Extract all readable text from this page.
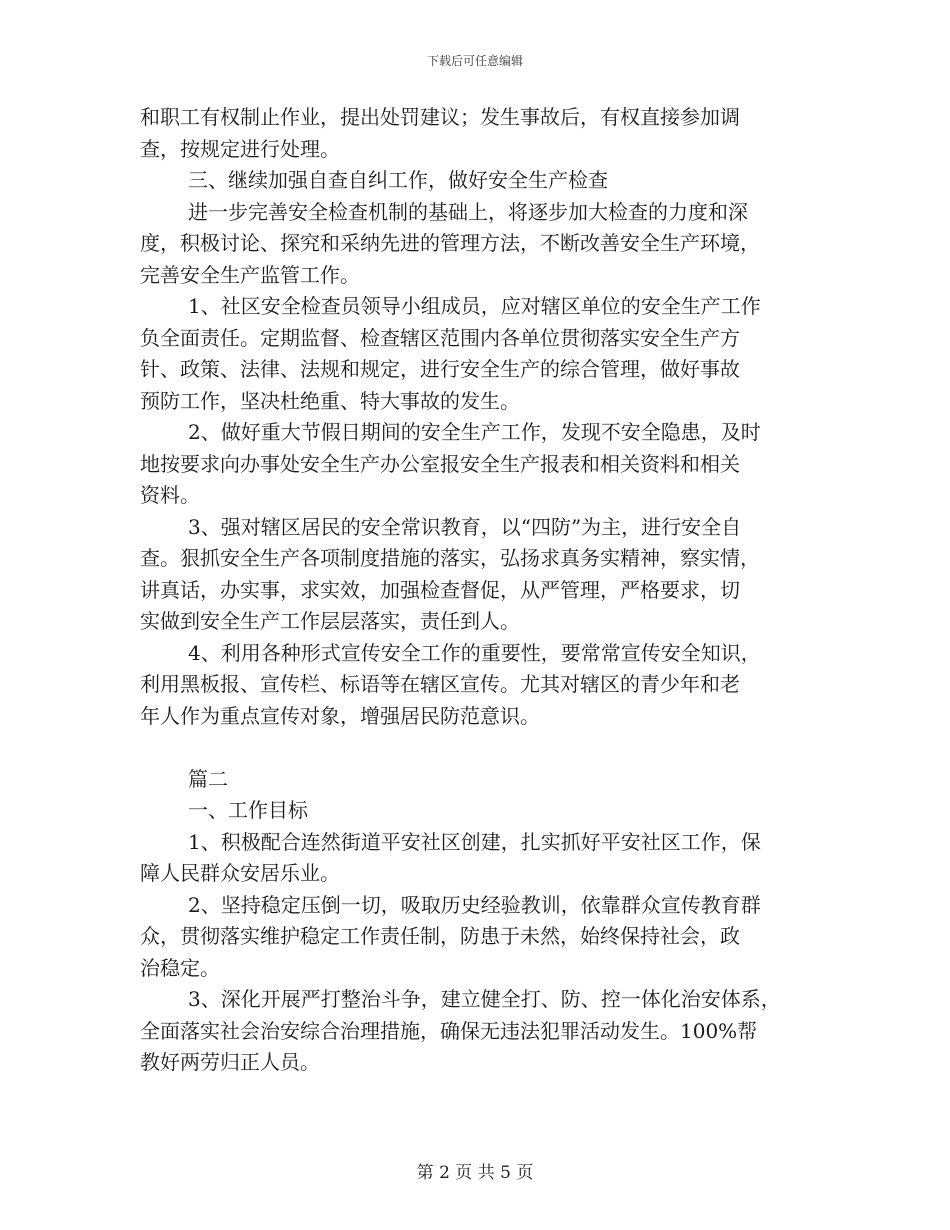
下载后可任意编辑
和职工有权制止作业，提出处罚建议；发生事故后，有权直接参加调
查，按规定进行处理。
三、继续加强自查自纠工作，做好安全生产检查
进一步完善安全检查机制的基础上，将逐步加大检查的力度和深
度，积极讨论、探究和采纳先进的管理方法，不断改善安全生产环境，
完善安全生产监管工作。
1、社区安全检查员领导小组成员，应对辖区单位的安全生产工作
负全面责任。定期监督、检查辖区范围内各单位贯彻落实安全生产方
针、政策、法律、法规和规定，进行安全生产的综合管理，做好事故
预防工作，坚决杜绝重、特大事故的发生。
2、做好重大节假日期间的安全生产工作，发现不安全隐患，及时
地按要求向办事处安全生产办公室报安全生产报表和相关资料和相关
资料。
3、强对辖区居民的安全常识教育，以“四防”为主，进行安全自
查。狠抓安全生产各项制度措施的落实，弘扬求真务实精神，察实情，
讲真话，办实事，求实效，加强检查督促，从严管理，严格要求，切
实做到安全生产工作层层落实，责任到人。
4、利用各种形式宣传安全工作的重要性，要常常宣传安全知识，
利用黑板报、宣传栏、标语等在辖区宣传。尤其对辖区的青少年和老
年人作为重点宣传对象，增强居民防范意识。
篇二
一、工作目标
1、积极配合连然街道平安社区创建，扎实抓好平安社区工作，保
障人民群众安居乐业。
2、坚持稳定压倒一切，吸取历史经验教训，依靠群众宣传教育群
众，贯彻落实维护稳定工作责任制，防患于未然，始终保持社会，政
治稳定。
3、深化开展严打整治斗争，建立健全打、防、控一体化治安体系，
全面落实社会治安综合治理措施，确保无违法犯罪活动发生。100%帮
教好两劳归正人员。
第 2 页 共 5 页
